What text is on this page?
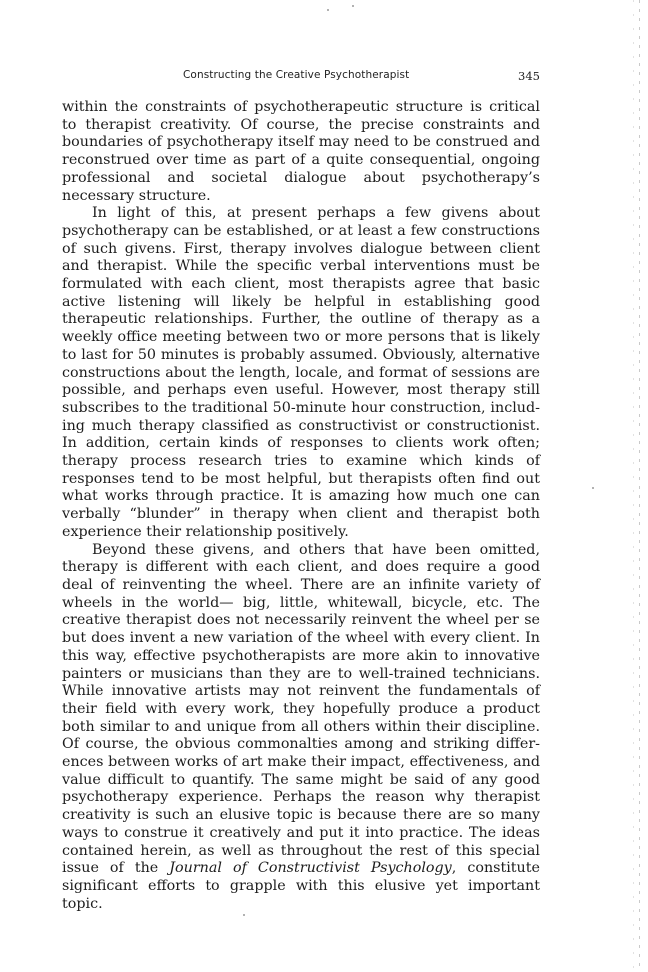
Constructing the Creative Psychotherapist	345

within the constraints of psychotherapeutic structure is critical to therapist creativity. Of course, the precise constraints and boundaries of psychotherapy itself may need to be construed and reconstrued over time as part of a quite consequential, ongoing professional and societal dialogue about psychotherapy’s necessary structure.

In light of this, at present perhaps a few givens about psychotherapy can be established, or at least a few constructions of such givens. First, therapy involves dialogue between client and therapist. While the specific verbal interventions must be formulated with each client, most therapists agree that basic active listening will likely be helpful in establishing good therapeutic relationships. Further, the outline of therapy as a weekly office meeting between two or more persons that is likely to last for 50 minutes is probably assumed. Obviously, alternative constructions about the length, locale, and format of sessions are possible, and perhaps even useful. However, most therapy still subscribes to the traditional 50-minute hour construction, including much therapy classified as constructivist or constructionist. In addition, certain kinds of responses to clients work often; therapy process research tries to examine which kinds of responses tend to be most helpful, but therapists often find out what works through practice. It is amazing how much one can verbally “blunder” in therapy when client and therapist both experience their relationship positively.

Beyond these givens, and others that have been omitted, therapy is different with each client, and does require a good deal of reinventing the wheel. There are an infinite variety of wheels in the world— big, little, whitewall, bicycle, etc. The creative therapist does not necessarily reinvent the wheel per se but does invent a new variation of the wheel with every client. In this way, effective psychotherapists are more akin to innovative painters or musicians than they are to well-trained technicians. While innovative artists may not reinvent the fundamentals of their field with every work, they hopefully produce a product both similar to and unique from all others within their discipline. Of course, the obvious commonalties among and striking differences between works of art make their impact, effectiveness, and value difficult to quantify. The same might be said of any good psychotherapy experience. Perhaps the reason why therapist creativity is such an elusive topic is because there are so many ways to construe it creatively and put it into practice. The ideas contained herein, as well as throughout the rest of this special issue of the Journal of Constructivist Psychology, constitute significant efforts to grapple with this elusive yet important topic.
